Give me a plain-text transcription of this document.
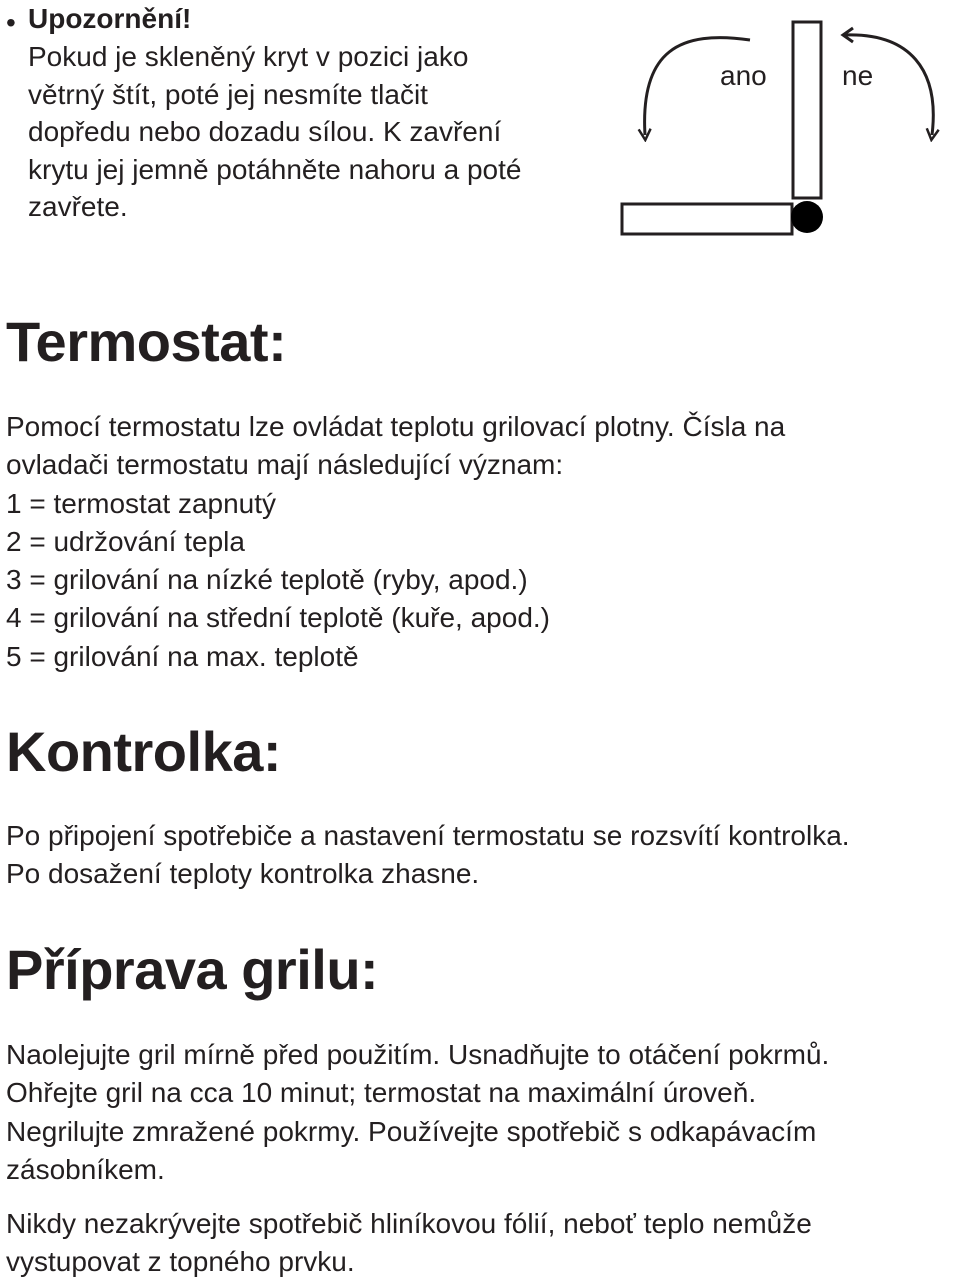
• Upozornění!
Pokud je skleněný kryt v pozici jako
větrný štít, poté jej nesmíte tlačit
dopředu nebo dozadu sílou. K zavření
krytu jej jemně potáhněte nahoru a poté
zavřete.
ano	ne
Termostat:
Pomocí termostatu lze ovládat teplotu grilovací plotny. Čísla na
ovladači termostatu mají následující význam:
1 = termostat zapnutý
2 = udržování tepla
3 = grilování na nízké teplotě (ryby, apod.)
4 = grilování na střední teplotě (kuře, apod.)
5 = grilování na max. teplotě
Kontrolka:
Po připojení spotřebiče a nastavení termostatu se rozsvítí kontrolka.
Po dosažení teploty kontrolka zhasne.
Příprava grilu:
Naolejujte gril mírně před použitím. Usnadňujte to otáčení pokrmů.
Ohřejte gril na cca 10 minut; termostat na maximální úroveň.
Negrilujte zmražené pokrmy. Používejte spotřebič s odkapávacím
zásobníkem.
Nikdy nezakrývejte spotřebič hliníkovou fólií, neboť teplo nemůže
vystupovat z topného prvku.
